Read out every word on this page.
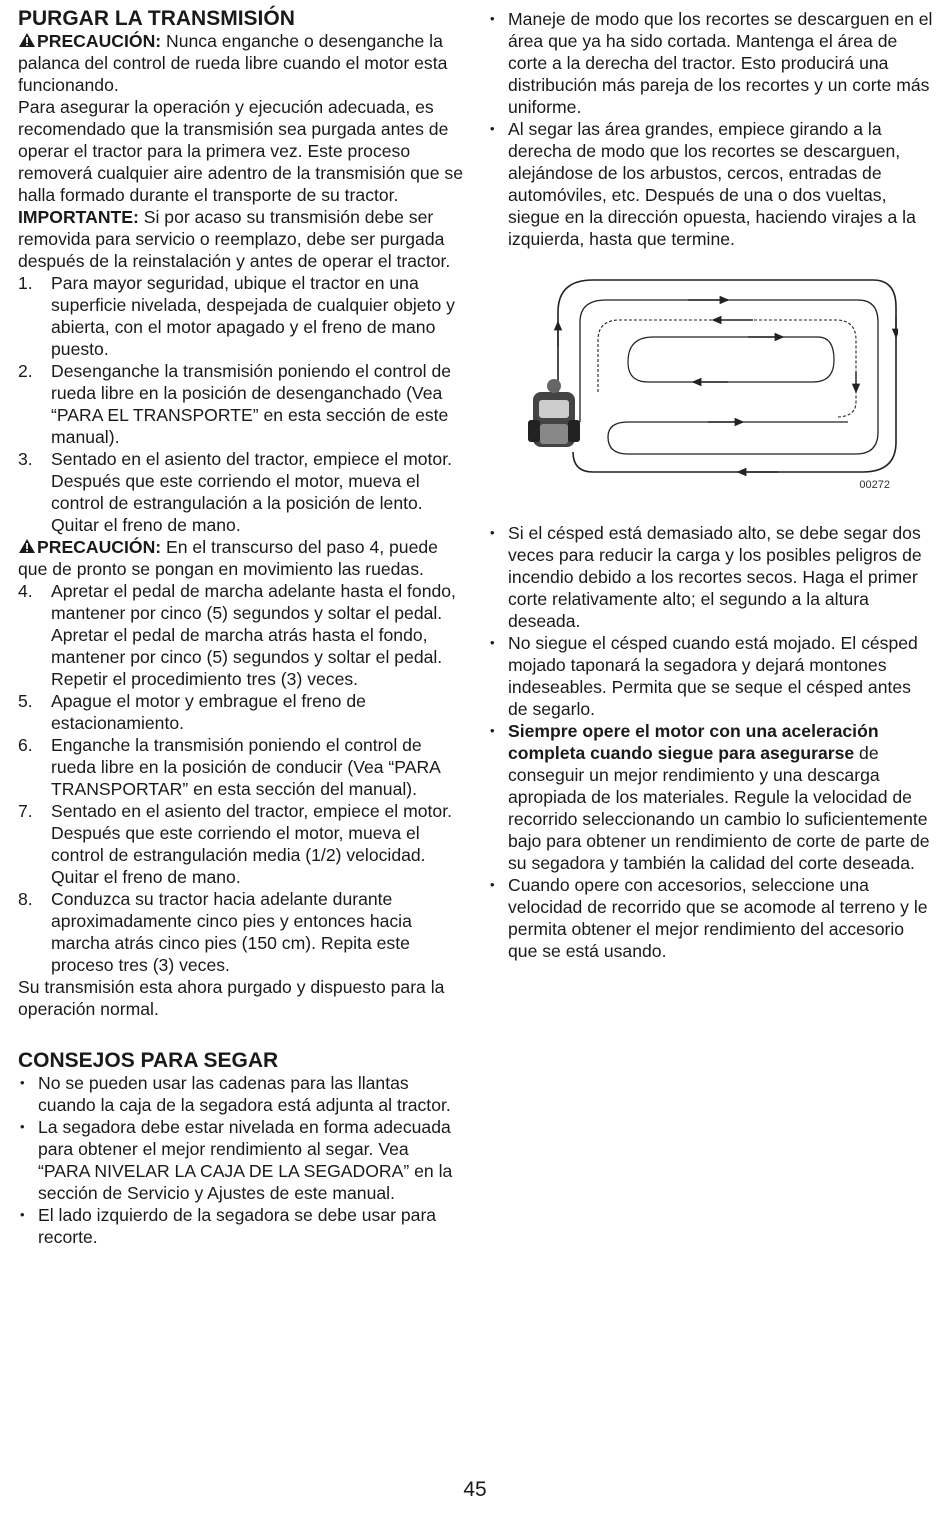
PURGAR LA TRANSMISIÓN

PRECAUCIÓN: Nunca enganche o desenganche la palanca del control de rueda libre cuando el motor esta funcionando.

Para asegurar la operación y ejecución adecuada, es recomendado que la transmisión sea purgada antes de operar el tractor para la primera vez. Este proceso removerá cualquier aire adentro de la transmisión que se halla formado durante el transporte de su tractor.

IMPORTANTE: Si por acaso su transmisión debe ser removida para servicio o reemplazo, debe ser purgada después de la reinstalación y antes de operar el tractor.

1. Para mayor seguridad, ubique el tractor en una superficie nivelada, despejada de cualquier objeto y abierta, con el motor apagado y el freno de mano puesto.
2. Desenganche la transmisión poniendo el control de rueda libre en la posición de desenganchado (Vea “PARA EL TRANSPORTE” en esta sección de este manual).
3. Sentado en el asiento del tractor, empiece el motor. Después que este corriendo el motor, mueva el control de estrangulación a la posición de lento. Quitar el freno de mano.

PRECAUCIÓN: En el transcurso del paso 4, puede que de pronto se pongan en movimiento las ruedas.

4. Apretar el pedal de marcha adelante hasta el fondo, mantener por cinco (5) segundos y soltar el pedal. Apretar el pedal de marcha atrás hasta el fondo, mantener por cinco (5) segundos y soltar el pedal. Repetir el procedimiento tres (3) veces.
5. Apague el motor y embrague el freno de estacionamiento.
6. Enganche la transmisión poniendo el control de rueda libre en la posición de conducir (Vea “PARA TRANSPORTAR” en esta sección del manual).
7. Sentado en el asiento del tractor, empiece el motor. Después que este corriendo el motor, mueva el control de estrangulación media (1/2) velocidad. Quitar el freno de mano.
8. Conduzca su tractor hacia adelante durante aproximadamente cinco pies y entonces hacia marcha atrás cinco pies (150 cm). Repita este proceso tres (3) veces.

Su transmisión esta ahora purgado y dispuesto para la operación normal.

CONSEJOS PARA SEGAR
• No se pueden usar las cadenas para las llantas cuando la caja de la segadora está adjunta al tractor.
• La segadora debe estar nivelada en forma adecuada para obtener el mejor rendimiento al segar. Vea “PARA NIVELAR LA CAJA DE LA SEGADORA” en la sección de Servicio y Ajustes de este manual.
• El lado izquierdo de la segadora se debe usar para recorte.
• Maneje de modo que los recortes se descarguen en el área que ya ha sido cortada. Mantenga el área de corte a la derecha del tractor. Esto producirá una distribución más pareja de los recortes y un corte más uniforme.
• Al segar las área grandes, empiece girando a la derecha de modo que los recortes se descarguen, alejándose de los arbustos, cercos, entradas de automóviles, etc. Después de una o dos vueltas, siegue en la dirección opuesta, haciendo virajes a la izquierda, hasta que termine.
00272
• Si el césped está demasiado alto, se debe segar dos veces para reducir la carga y los posibles peligros de incendio debido a los recortes secos. Haga el primer corte relativamente alto; el segundo a la altura deseada.
• No siegue el césped cuando está mojado. El césped mojado taponará la segadora y dejará montones indeseables. Permita que se seque el césped antes de segarlo.
• Siempre opere el motor con una aceleración completa cuando siegue para asegurarse de conseguir un mejor rendimiento y una descarga apropiada de los materiales. Regule la velocidad de recorrido seleccionando un cambio lo suficientemente bajo para obtener un rendimiento de corte de parte de su segadora y también la calidad del corte deseada.
• Cuando opere con accesorios, seleccione una velocidad de recorrido que se acomode al terreno y le permita obtener el mejor rendimiento del accesorio que se está usando.
45
